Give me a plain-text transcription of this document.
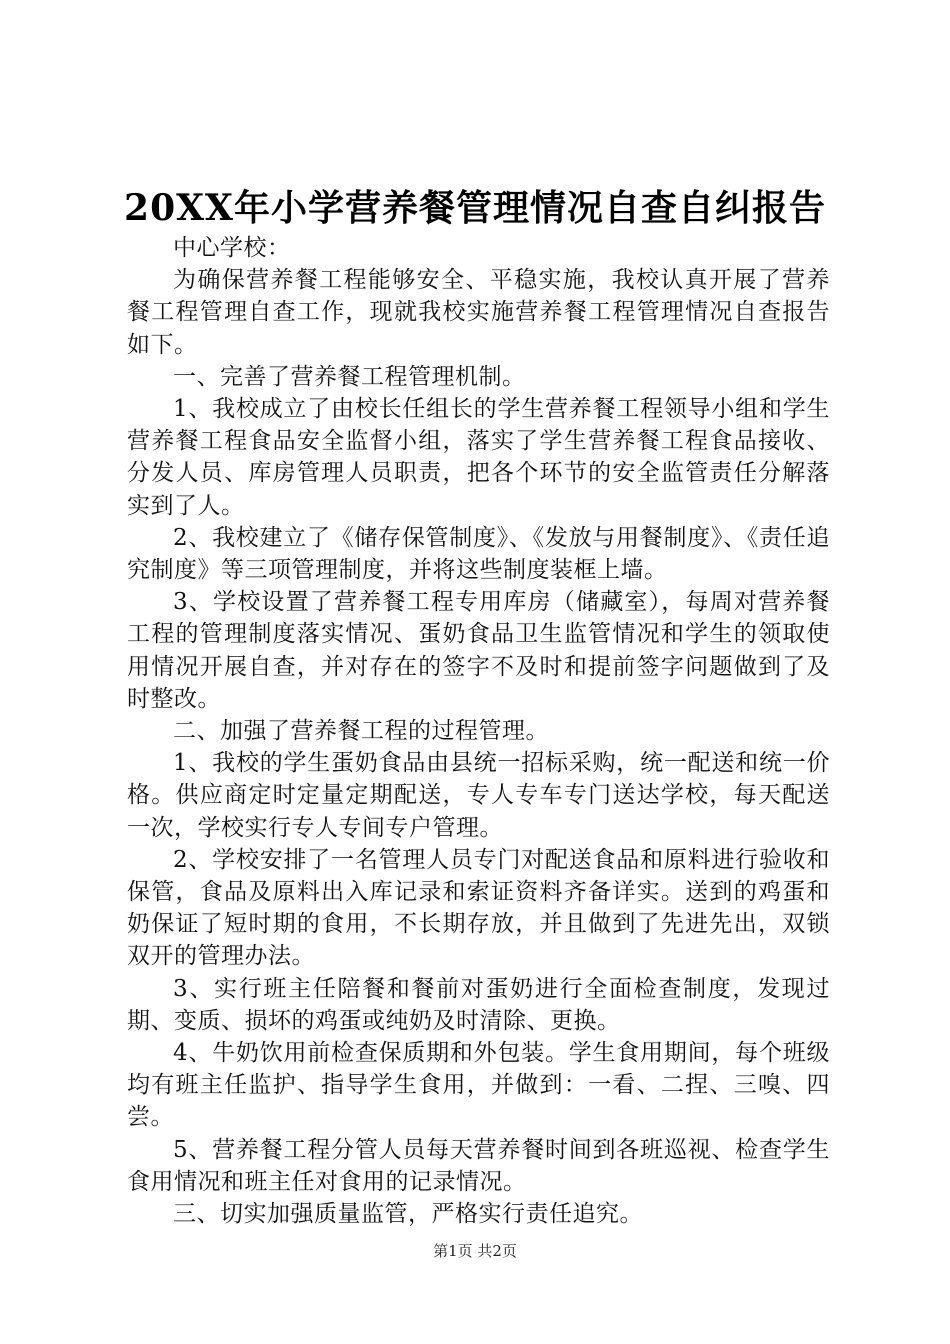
20XX年小学营养餐管理情况自查自纠报告

中心学校：

为确保营养餐工程能够安全、平稳实施，我校认真开展了营养餐工程管理自查工作，现就我校实施营养餐工程管理情况自查报告如下。

一、完善了营养餐工程管理机制。

1、我校成立了由校长任组长的学生营养餐工程领导小组和学生营养餐工程食品安全监督小组，落实了学生营养餐工程食品接收、分发人员、库房管理人员职责，把各个环节的安全监管责任分解落实到了人。

2、我校建立了《储存保管制度》、《发放与用餐制度》、《责任追究制度》等三项管理制度，并将这些制度装框上墙。

3、学校设置了营养餐工程专用库房（储藏室），每周对营养餐工程的管理制度落实情况、蛋奶食品卫生监管情况和学生的领取使用情况开展自查，并对存在的签字不及时和提前签字问题做到了及时整改。

二、加强了营养餐工程的过程管理。

1、我校的学生蛋奶食品由县统一招标采购，统一配送和统一价格。供应商定时定量定期配送，专人专车专门送达学校，每天配送一次，学校实行专人专间专户管理。

2、学校安排了一名管理人员专门对配送食品和原料进行验收和保管，食品及原料出入库记录和索证资料齐备详实。送到的鸡蛋和奶保证了短时期的食用，不长期存放，并且做到了先进先出，双锁双开的管理办法。

3、实行班主任陪餐和餐前对蛋奶进行全面检查制度，发现过期、变质、损坏的鸡蛋或纯奶及时清除、更换。

4、牛奶饮用前检查保质期和外包装。学生食用期间，每个班级均有班主任监护、指导学生食用，并做到：一看、二捏、三嗅、四尝。

5、营养餐工程分管人员每天营养餐时间到各班巡视、检查学生食用情况和班主任对食用的记录情况。

三、切实加强质量监管，严格实行责任追究。

第1页 共2页
